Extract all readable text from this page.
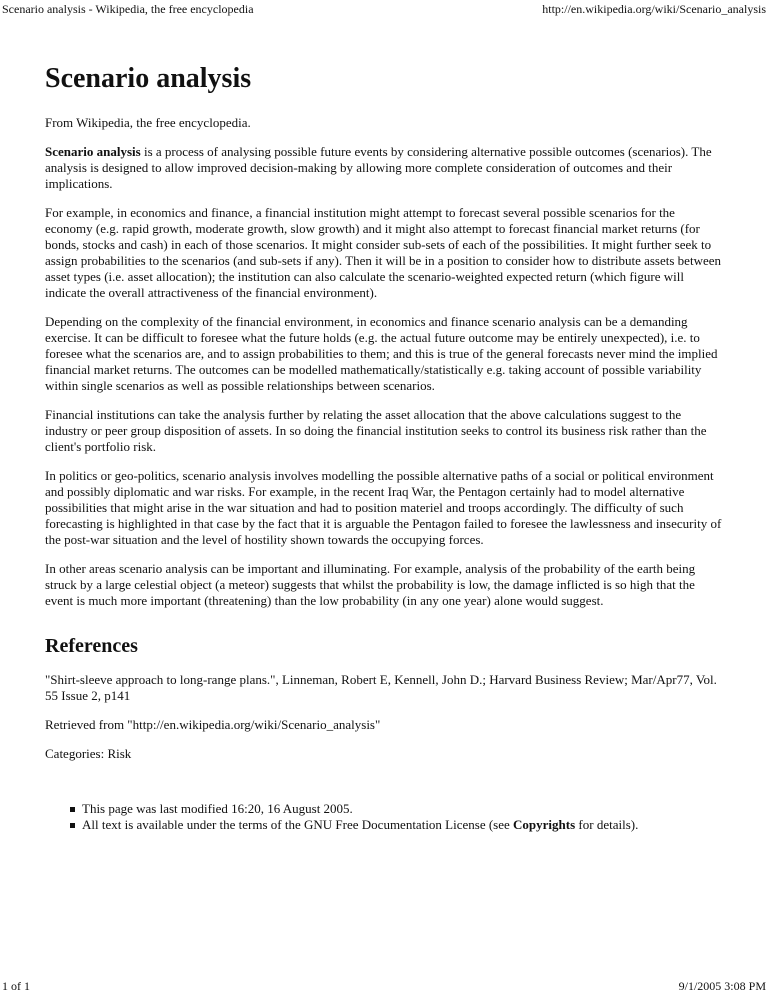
Scenario analysis - Wikipedia, the free encyclopedia	http://en.wikipedia.org/wiki/Scenario_analysis
Scenario analysis

From Wikipedia, the free encyclopedia.

Scenario analysis is a process of analysing possible future events by considering alternative possible outcomes (scenarios). The analysis is designed to allow improved decision-making by allowing more complete consideration of outcomes and their implications.

For example, in economics and finance, a financial institution might attempt to forecast several possible scenarios for the economy (e.g. rapid growth, moderate growth, slow growth) and it might also attempt to forecast financial market returns (for bonds, stocks and cash) in each of those scenarios. It might consider sub-sets of each of the possibilities. It might further seek to assign probabilities to the scenarios (and sub-sets if any). Then it will be in a position to consider how to distribute assets between asset types (i.e. asset allocation); the institution can also calculate the scenario-weighted expected return (which figure will indicate the overall attractiveness of the financial environment).

Depending on the complexity of the financial environment, in economics and finance scenario analysis can be a demanding exercise. It can be difficult to foresee what the future holds (e.g. the actual future outcome may be entirely unexpected), i.e. to foresee what the scenarios are, and to assign probabilities to them; and this is true of the general forecasts never mind the implied financial market returns. The outcomes can be modelled mathematically/statistically e.g. taking account of possible variability within single scenarios as well as possible relationships between scenarios.

Financial institutions can take the analysis further by relating the asset allocation that the above calculations suggest to the industry or peer group disposition of assets. In so doing the financial institution seeks to control its business risk rather than the client's portfolio risk.

In politics or geo-politics, scenario analysis involves modelling the possible alternative paths of a social or political environment and possibly diplomatic and war risks. For example, in the recent Iraq War, the Pentagon certainly had to model alternative possibilities that might arise in the war situation and had to position materiel and troops accordingly. The difficulty of such forecasting is highlighted in that case by the fact that it is arguable the Pentagon failed to foresee the lawlessness and insecurity of the post-war situation and the level of hostility shown towards the occupying forces.

In other areas scenario analysis can be important and illuminating. For example, analysis of the probability of the earth being struck by a large celestial object (a meteor) suggests that whilst the probability is low, the damage inflicted is so high that the event is much more important (threatening) than the low probability (in any one year) alone would suggest.

References

"Shirt-sleeve approach to long-range plans.", Linneman, Robert E, Kennell, John D.; Harvard Business Review; Mar/Apr77, Vol. 55 Issue 2, p141

Retrieved from "http://en.wikipedia.org/wiki/Scenario_analysis"

Categories: Risk

This page was last modified 16:20, 16 August 2005.
All text is available under the terms of the GNU Free Documentation License (see Copyrights for details).
1 of 1	9/1/2005 3:08 PM
